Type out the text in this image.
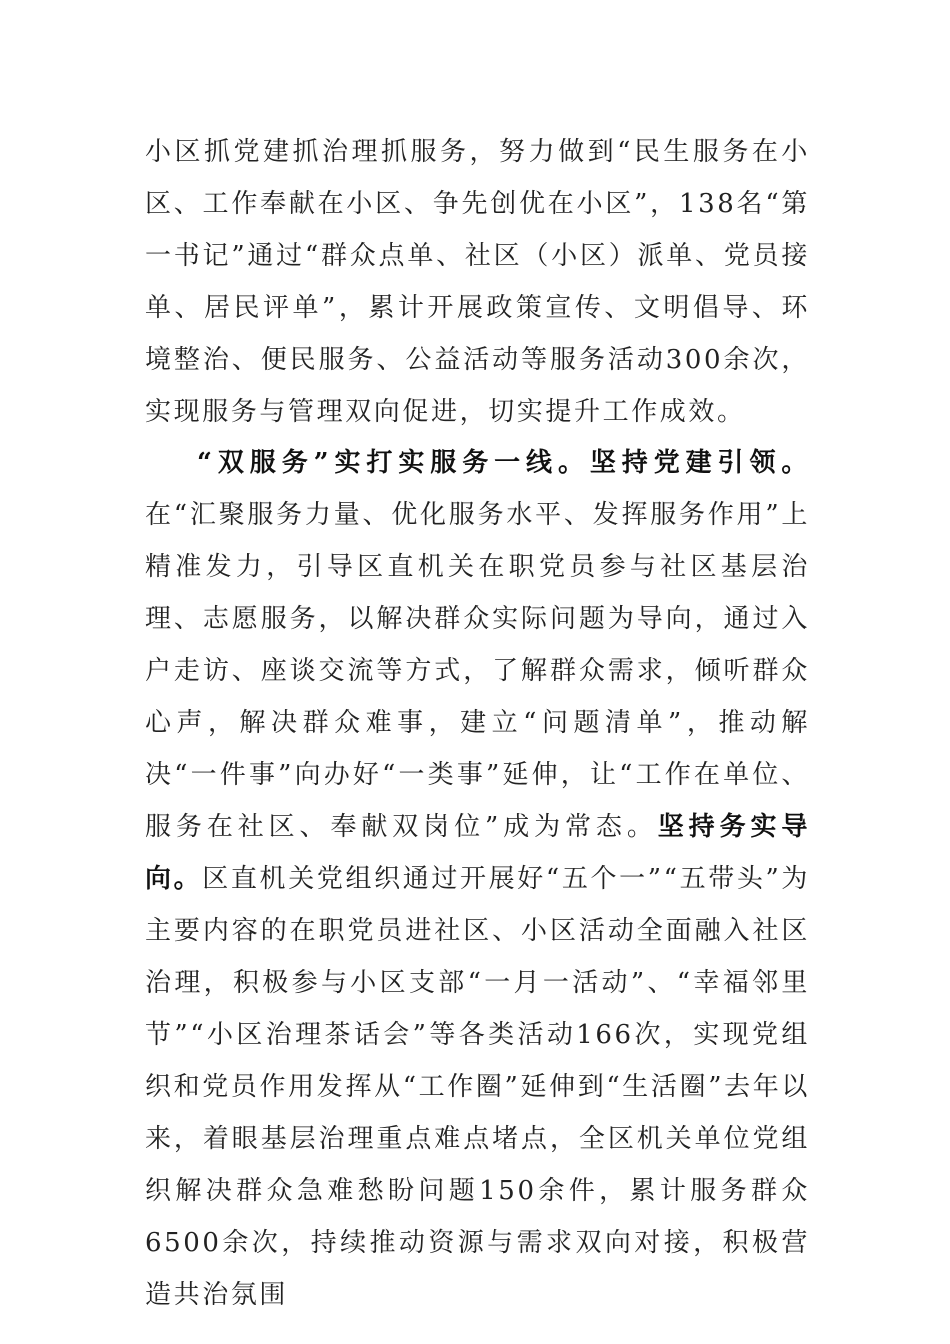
小区抓党建抓治理抓服务，努力做到“民生服务在小区、工作奉献在小区、争先创优在小区”，138名“第一书记”通过“群众点单、社区（小区）派单、党员接单、居民评单”，累计开展政策宣传、文明倡导、环境整治、便民服务、公益活动等服务活动300余次，实现服务与管理双向促进，切实提升工作成效。

“双服务”实打实服务一线。坚持党建引领。在“汇聚服务力量、优化服务水平、发挥服务作用”上精准发力，引导区直机关在职党员参与社区基层治理、志愿服务，以解决群众实际问题为导向，通过入户走访、座谈交流等方式，了解群众需求，倾听群众心声，解决群众难事，建立“问题清单”，推动解决“一件事”向办好“一类事”延伸，让“工作在单位、服务在社区、奉献双岗位”成为常态。坚持务实导向。区直机关党组织通过开展好“五个一”“五带头”为主要内容的在职党员进社区、小区活动全面融入社区治理，积极参与小区支部“一月一活动”、“幸福邻里节”“小区治理茶话会”等各类活动166次，实现党组织和党员作用发挥从“工作圈”延伸到“生活圈”去年以来，着眼基层治理重点难点堵点，全区机关单位党组织解决群众急难愁盼问题150余件，累计服务群众6500余次，持续推动资源与需求双向对接，积极营造共治氛围
